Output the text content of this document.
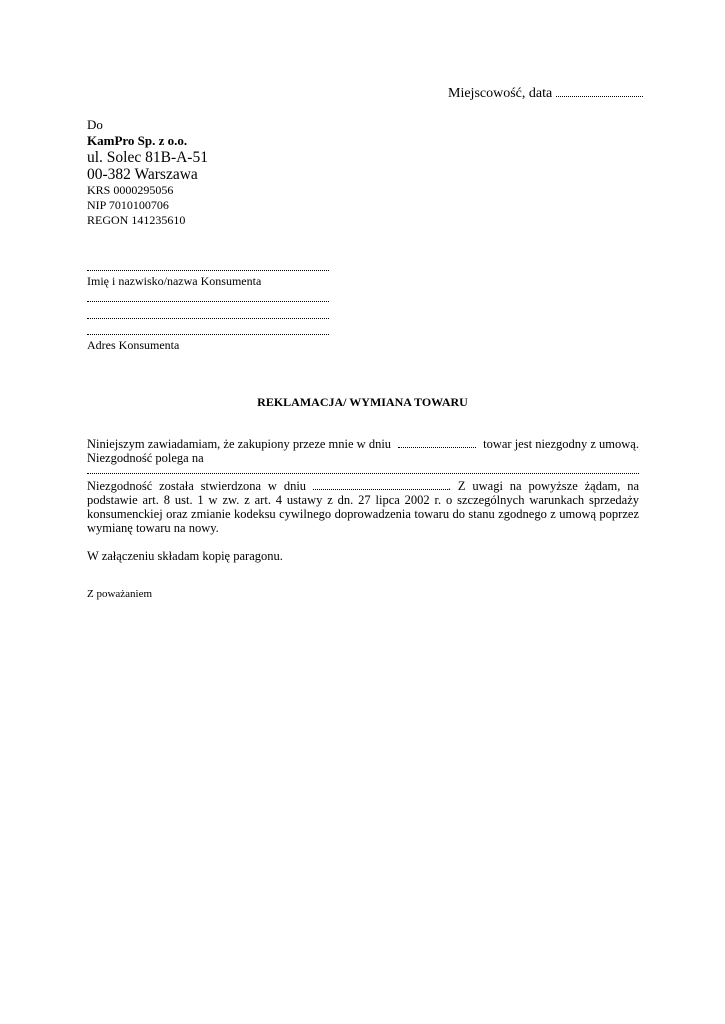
Miejscowość, data
Do
KamPro Sp. z o.o.
ul. Solec 81B-A-51
00-382 Warszawa
KRS 0000295056
NIP 7010100706
REGON 141235610
Imię i nazwisko/nazwa Konsumenta
Adres Konsumenta
REKLAMACJA/ WYMIANA TOWARU
Niniejszym zawiadamiam, że zakupiony przeze mnie w dniu	towar jest niezgodny z umową.
Niezgodność polega na
Niezgodność została stwierdzona w dniu	. Z uwagi na powyższe żądam, na podstawie art. 8 ust. 1 w zw. z art. 4 ustawy z dn. 27 lipca 2002 r. o szczególnych warunkach sprzedaży konsumenckiej oraz zmianie kodeksu cywilnego doprowadzenia towaru do stanu zgodnego z umową poprzez wymianę towaru na nowy.
W załączeniu składam kopię paragonu.
Z poważaniem
